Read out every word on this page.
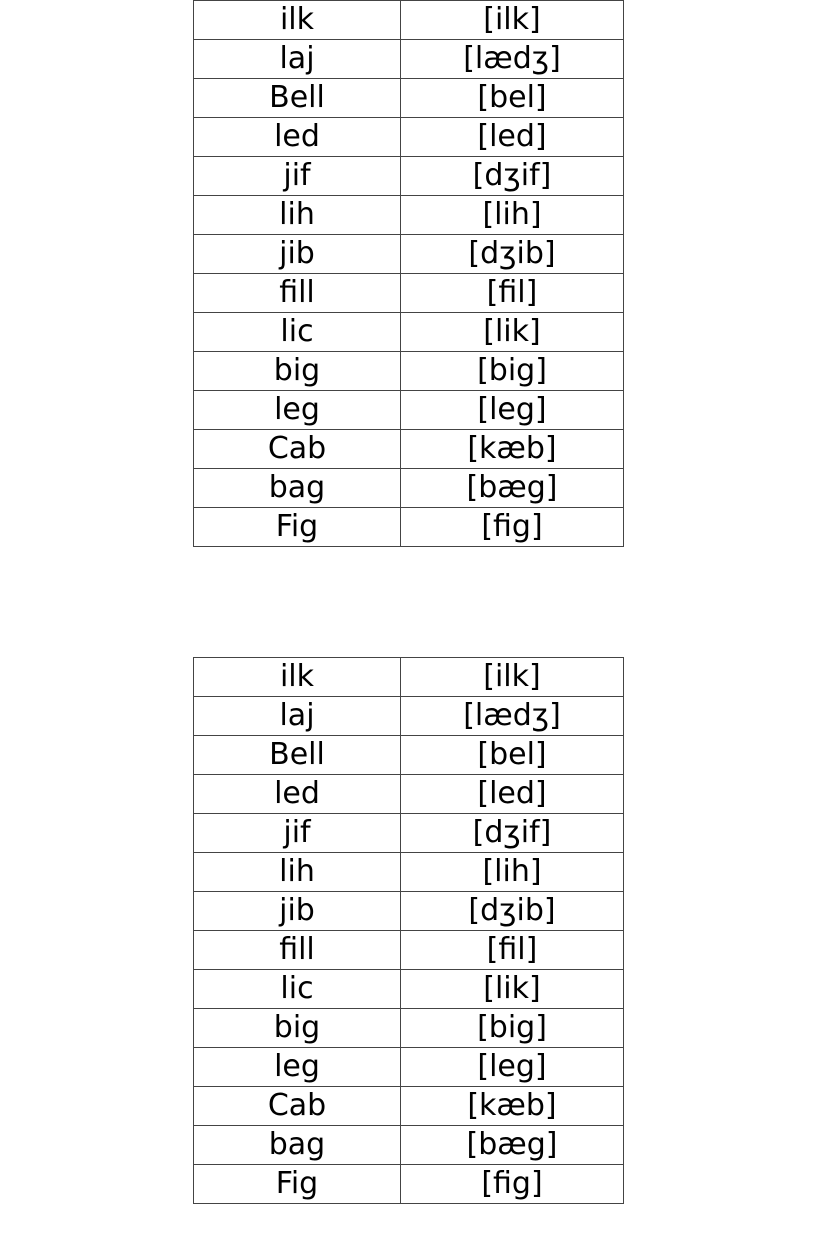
ilk	[ilk]
laj	[lædʒ]
Bell	[bel]
led	[led]
jif	[dʒif]
lih	[lih]
jib	[dʒib]
fill	[fil]
lic	[lik]
big	[big]
leg	[leg]
Cab	[kæb]
bag	[bæg]
Fig	[fig]
ilk	[ilk]
laj	[lædʒ]
Bell	[bel]
led	[led]
jif	[dʒif]
lih	[lih]
jib	[dʒib]
fill	[fil]
lic	[lik]
big	[big]
leg	[leg]
Cab	[kæb]
bag	[bæg]
Fig	[fig]
